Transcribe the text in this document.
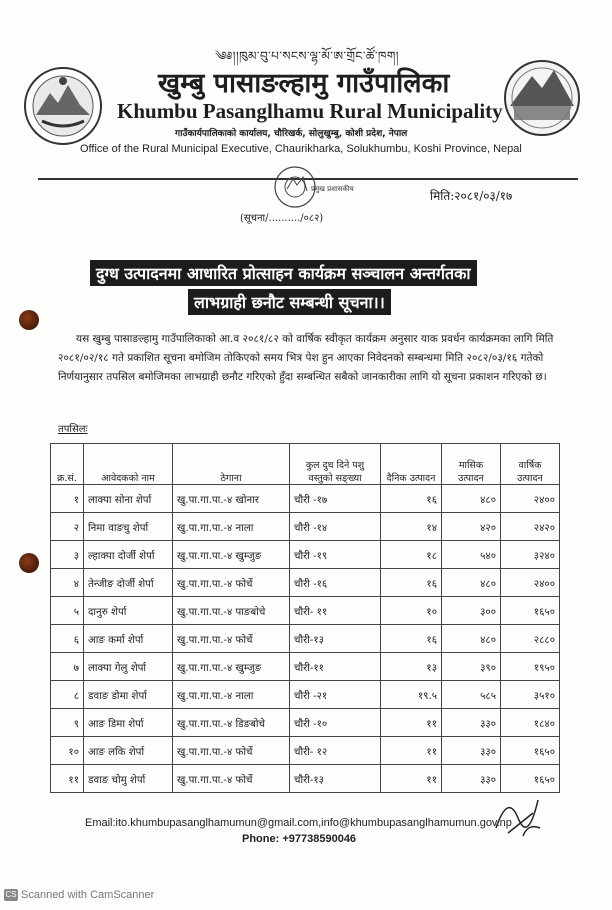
༄༅།།ཁུམ་བུ་པ་སངས་ལྷ་མོ་ཨ་གྲོང་ཚོ་ཁག།
खुम्बु पासाङल्हामु गाउँपालिका
Khumbu Pasanglhamu Rural Municipality
गाउँकार्यपालिकाको कार्यालय, चौरिखर्क, सोलुखुम्बु, कोशी प्रदेश, नेपाल
Office of the Rural Municipal Executive, Chaurikharka, Solukhumbu, Koshi Province, Nepal
प्रमुख प्रशासकीय
(सूचना/........../०८२)
मिति:२०८१/०३/१७
दुग्ध उत्पादनमा आधारित प्रोत्साहन कार्यक्रम सञ्चालन अन्तर्गतका
लाभग्राही छनौट सम्बन्धी सूचना।।
यस खुम्बु पासाङल्हामु गाउँपालिकाको आ.व २०८१/८२ को वार्षिक स्वीकृत कार्यक्रम अनुसार याक प्रवर्धन कार्यक्रमका लागि मिति २०८१/०२/१८ गते प्रकाशित सूचना बमोजिम तोकिएको समय भित्र पेश हुन आएका निवेदनको सम्बन्धमा मिति २०८२/०३/१६ गतेको निर्णयानुसार तपसिल बमोजिमका लाभग्राही छनौट गरिएको हुँदा सम्बन्धित सबैको जानकारीका लागि यो सूचना प्रकाशन गरिएको छ।
तपसिलः
क्र.सं.	आवेदकको नाम	ठेगाना	कुल दुध दिने पशु वस्तुको सङ्ख्या	दैनिक उत्पादन	मासिक उत्पादन	वार्षिक उत्पादन
१	लाक्पा सोना शेर्पा	खु.पा.गा.पा.-४ खोनार	चौरी -१७	१६	४८०	२४००
२	निमा वाङचु शेर्पा	खु.पा.गा.पा.-४ नाला	चौरी -१४	१४	४२०	२४२०
३	ल्हाक्पा दोर्जी शेर्पा	खु.पा.गा.पा.-४ खुम्जुङ	चौरी -१९	१८	५४०	३२४०
४	तेन्जीङ दोर्जी शेर्पा	खु.पा.गा.पा.-४ फोर्चे	चौरी -१६	१६	४८०	२४००
५	दानुरु शेर्पा	खु.पा.गा.पा.-४ पाङबोचे	चौरी- ११	१०	३००	१६५०
६	आङ कर्मा शेर्पा	खु.पा.गा.पा.-४ फोर्चे	चौरी-१३	१६	४८०	२८८०
७	लाक्पा गेलु शेर्पा	खु.पा.गा.पा.-४ खुम्जुङ	चौरी-११	१३	३९०	१९५०
८	डवाङ डोमा शेर्पा	खु.पा.गा.पा.-४ नाला	चौरी -२१	१९.५	५८५	३५१०
९	आङ डिमा शेर्पा	खु.पा.गा.पा.-४ डिङबोचे	चौरी -१०	११	३३०	१८४०
१०	आङ लकि शेर्पा	खु.पा.गा.पा.-४ फोर्चे	चौरी- १२	११	३३०	१६५०
११	डवाङ चोमु शेर्पा	खु.पा.गा.पा.-४ फोर्चे	चौरी-१३	११	३३०	१६५०
Email:ito.khumbupasanglhamumun@gmail.com,info@khumbupasanglhamumun.gov.np
Phone: +97738590046
CS Scanned with CamScanner
